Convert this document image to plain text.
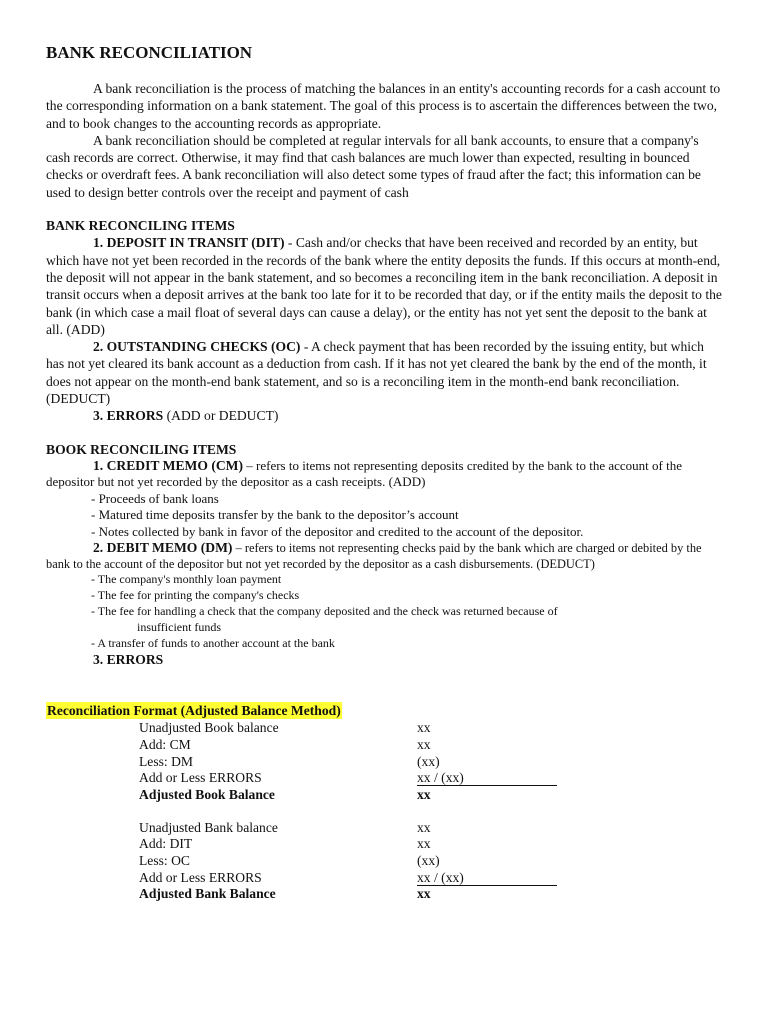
BANK RECONCILIATION

A bank reconciliation is the process of matching the balances in an entity's accounting records for a cash account to the corresponding information on a bank statement. The goal of this process is to ascertain the differences between the two, and to book changes to the accounting records as appropriate.

A bank reconciliation should be completed at regular intervals for all bank accounts, to ensure that a company's cash records are correct. Otherwise, it may find that cash balances are much lower than expected, resulting in bounced checks or overdraft fees. A bank reconciliation will also detect some types of fraud after the fact; this information can be used to design better controls over the receipt and payment of cash

BANK RECONCILING ITEMS

1. DEPOSIT IN TRANSIT (DIT) - Cash and/or checks that have been received and recorded by an entity, but which have not yet been recorded in the records of the bank where the entity deposits the funds. If this occurs at month-end, the deposit will not appear in the bank statement, and so becomes a reconciling item in the bank reconciliation. A deposit in transit occurs when a deposit arrives at the bank too late for it to be recorded that day, or if the entity mails the deposit to the bank (in which case a mail float of several days can cause a delay), or the entity has not yet sent the deposit to the bank at all. (ADD)

2. OUTSTANDING CHECKS (OC) - A check payment that has been recorded by the issuing entity, but which has not yet cleared its bank account as a deduction from cash. If it has not yet cleared the bank by the end of the month, it does not appear on the month-end bank statement, and so is a reconciling item in the month-end bank reconciliation. (DEDUCT)

3. ERRORS (ADD or DEDUCT)

BOOK RECONCILING ITEMS

1. CREDIT MEMO (CM) – refers to items not representing deposits credited by the bank to the account of the depositor but not yet recorded by the depositor as a cash receipts. (ADD)

- Proceeds of bank loans
- Matured time deposits transfer by the bank to the depositor’s account
- Notes collected by bank in favor of the depositor and credited to the account of the depositor.

2. DEBIT MEMO (DM) – refers to items not representing checks paid by the bank which are charged or debited by the bank to the account of the depositor but not yet recorded by the depositor as a cash disbursements. (DEDUCT)

- The company's monthly loan payment
- The fee for printing the company's checks
- The fee for handling a check that the company deposited and the check was returned because of
insufficient funds
- A transfer of funds to another account at the bank
3. ERRORS
Reconciliation Format (Adjusted Balance Method)
Unadjusted Book balance	xx
Add: CM	xx
Less: DM	(xx)
Add or Less ERRORS	xx / (xx)
Adjusted Book Balance	xx
Unadjusted Bank balance	xx
Add: DIT	xx
Less: OC	(xx)
Add or Less ERRORS	xx / (xx)
Adjusted Bank Balance	xx
